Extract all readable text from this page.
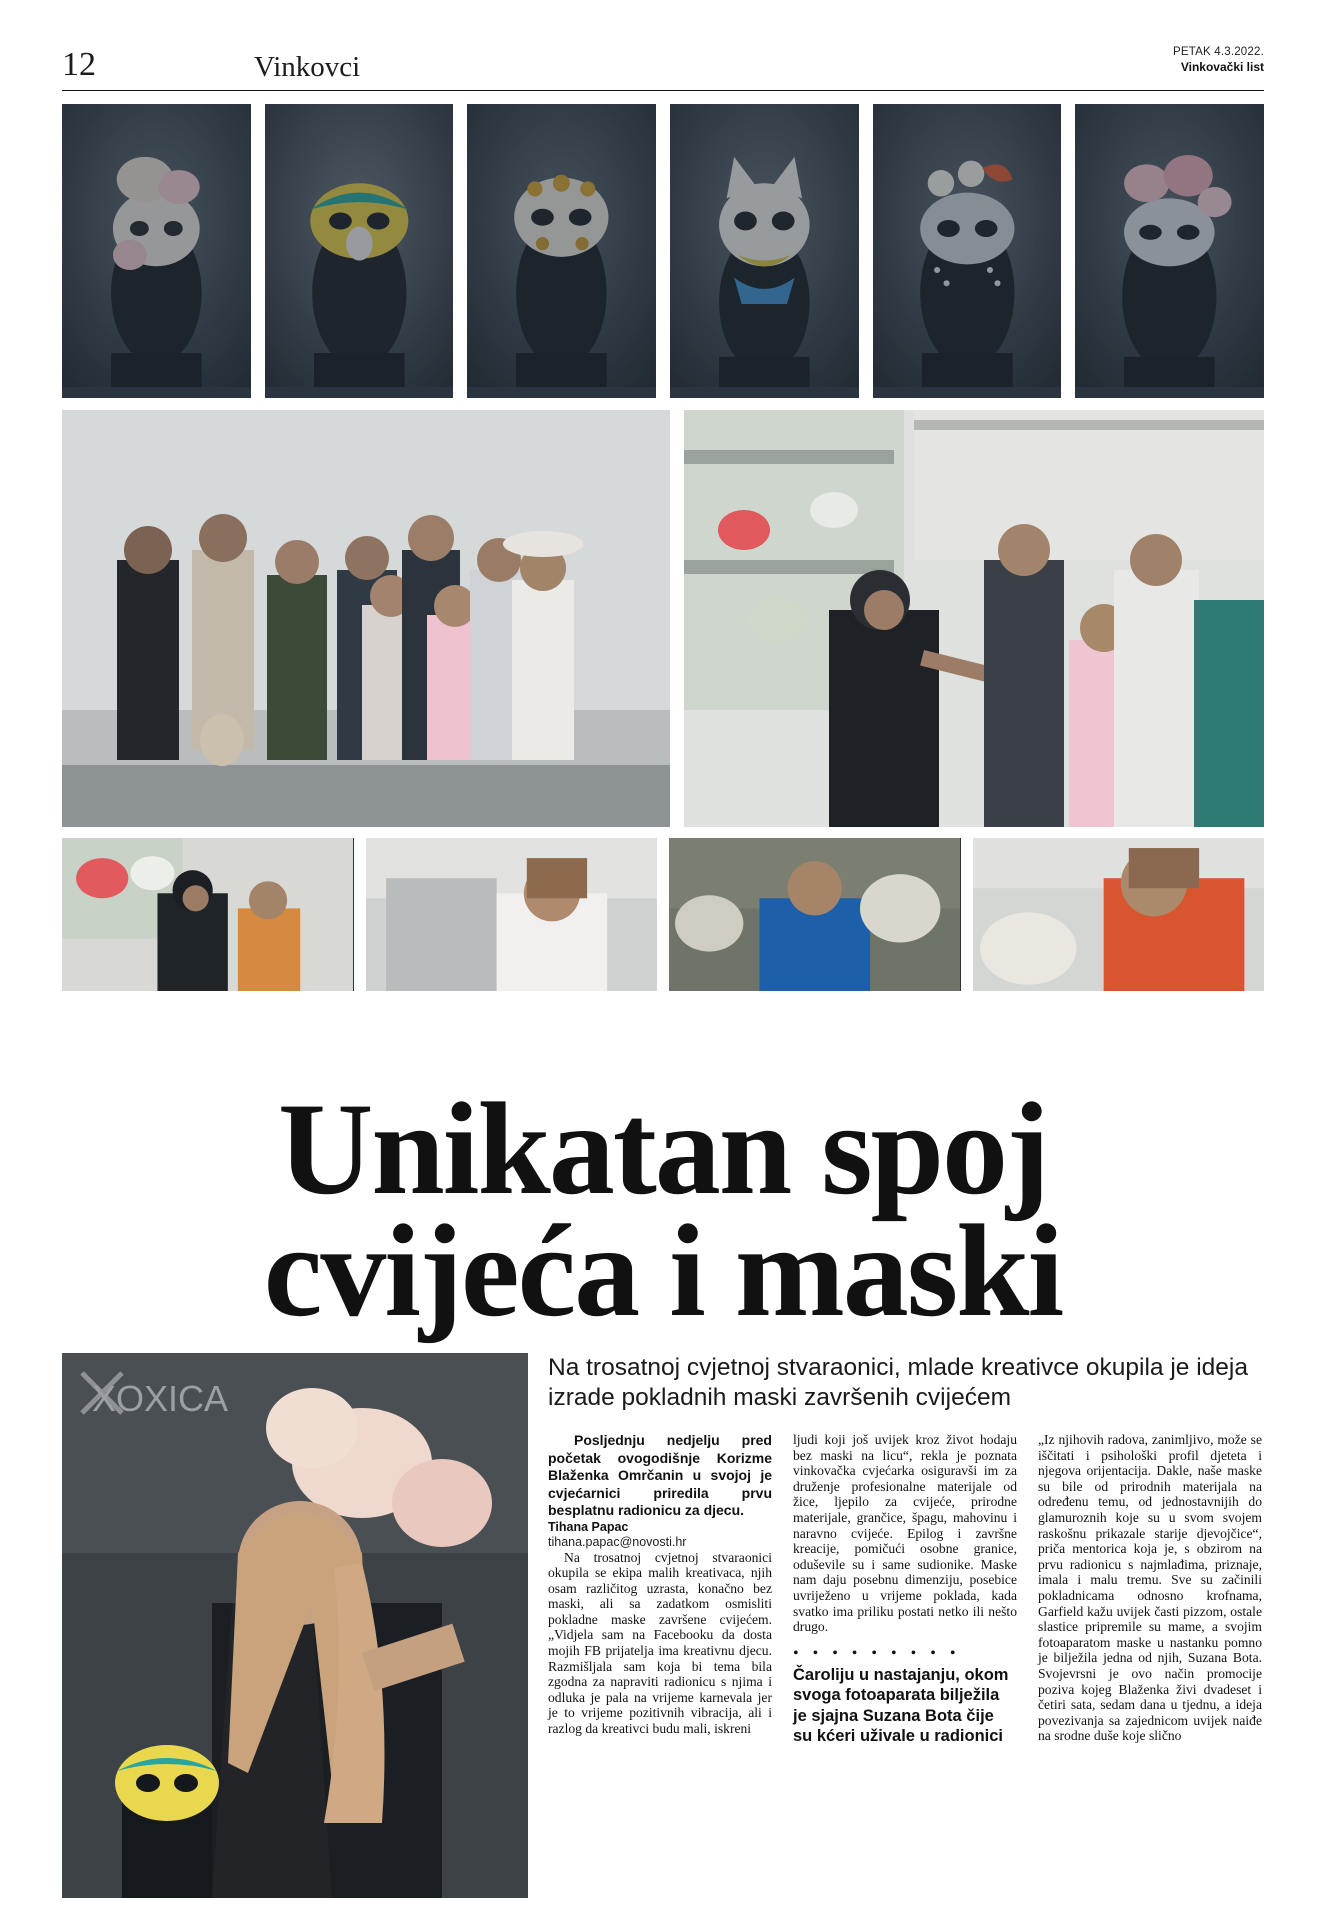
12	Vinkovci	PETAK 4.3.2022.
Vinkovački list
Unikatan spoj
cvijeća i maski
Na trosatnoj cvjetnoj stvaraonici, mlade kreativce okupila je ideja izrade pokladnih maski završenih cvijećem
XOXICA

Posljednju nedjelju pred početak ovogodišnje Korizme Blaženka Omrčanin u svojoj je cvjećarnici priredila prvu besplatnu radionicu za djecu.

Tihana Papac

tihana.papac@novosti.hr

Na trosatnoj cvjetnoj stvaraonici okupila se ekipa malih kreativaca, njih osam različitog uzrasta, konačno bez maski, ali sa zadatkom osmisliti pokladne maske završene cvijećem. „Vidjela sam na Facebooku da dosta mojih FB prijatelja ima kreativnu djecu. Razmišljala sam koja bi tema bila zgodna za napraviti radionicu s njima i odluka je pala na vrijeme karnevala jer je to vrijeme pozitivnih vibracija, ali i razlog da kreativci budu mali, iskreni

ljudi koji još uvijek kroz život hodaju bez maski na licu“, rekla je poznata vinkovačka cvjećarka osiguravši im za druženje profesionalne materijale od žice, ljepilo za cvijeće, prirodne materijale, grančice, špagu, mahovinu i naravno cvijeće. Epilog i završne kreacije, pomičući osobne granice, oduševile su i same sudionike. Maske nam daju posebnu dimenziju, posebice uvriježeno u vrijeme poklada, kada svatko ima priliku postati netko ili nešto drugo.

• • • • • • • • •

Čaroliju u nastajanju, okom svoga fotoaparata bilježila je sjajna Suzana Bota čije su kćeri uživale u radionici

„Iz njihovih radova, zanimljivo, može se iščitati i psihološki profil djeteta i njegova orijentacija. Dakle, naše maske su bile od prirodnih materijala na određenu temu, od jednostavnijih do glamuroznih koje su u svom svojem raskošnu prikazale starije djevojčice“, priča mentorica koja je, s obzirom na prvu radionicu s najmlađima, priznaje, imala i malu tremu. Sve su začinili pokladnicama odnosno krofnama, Garfield kažu uvijek časti pizzom, ostale slastice pripremile su mame, a svojim fotoaparatom maske u nastanku pomno je bilježila jedna od njih, Suzana Bota. Svojevrsni je ovo način promocije poziva kojeg Blaženka živi dvadeset i četiri sata, sedam dana u tjednu, a ideja povezivanja sa zajednicom uvijek naiđe na srodne duše koje slično
